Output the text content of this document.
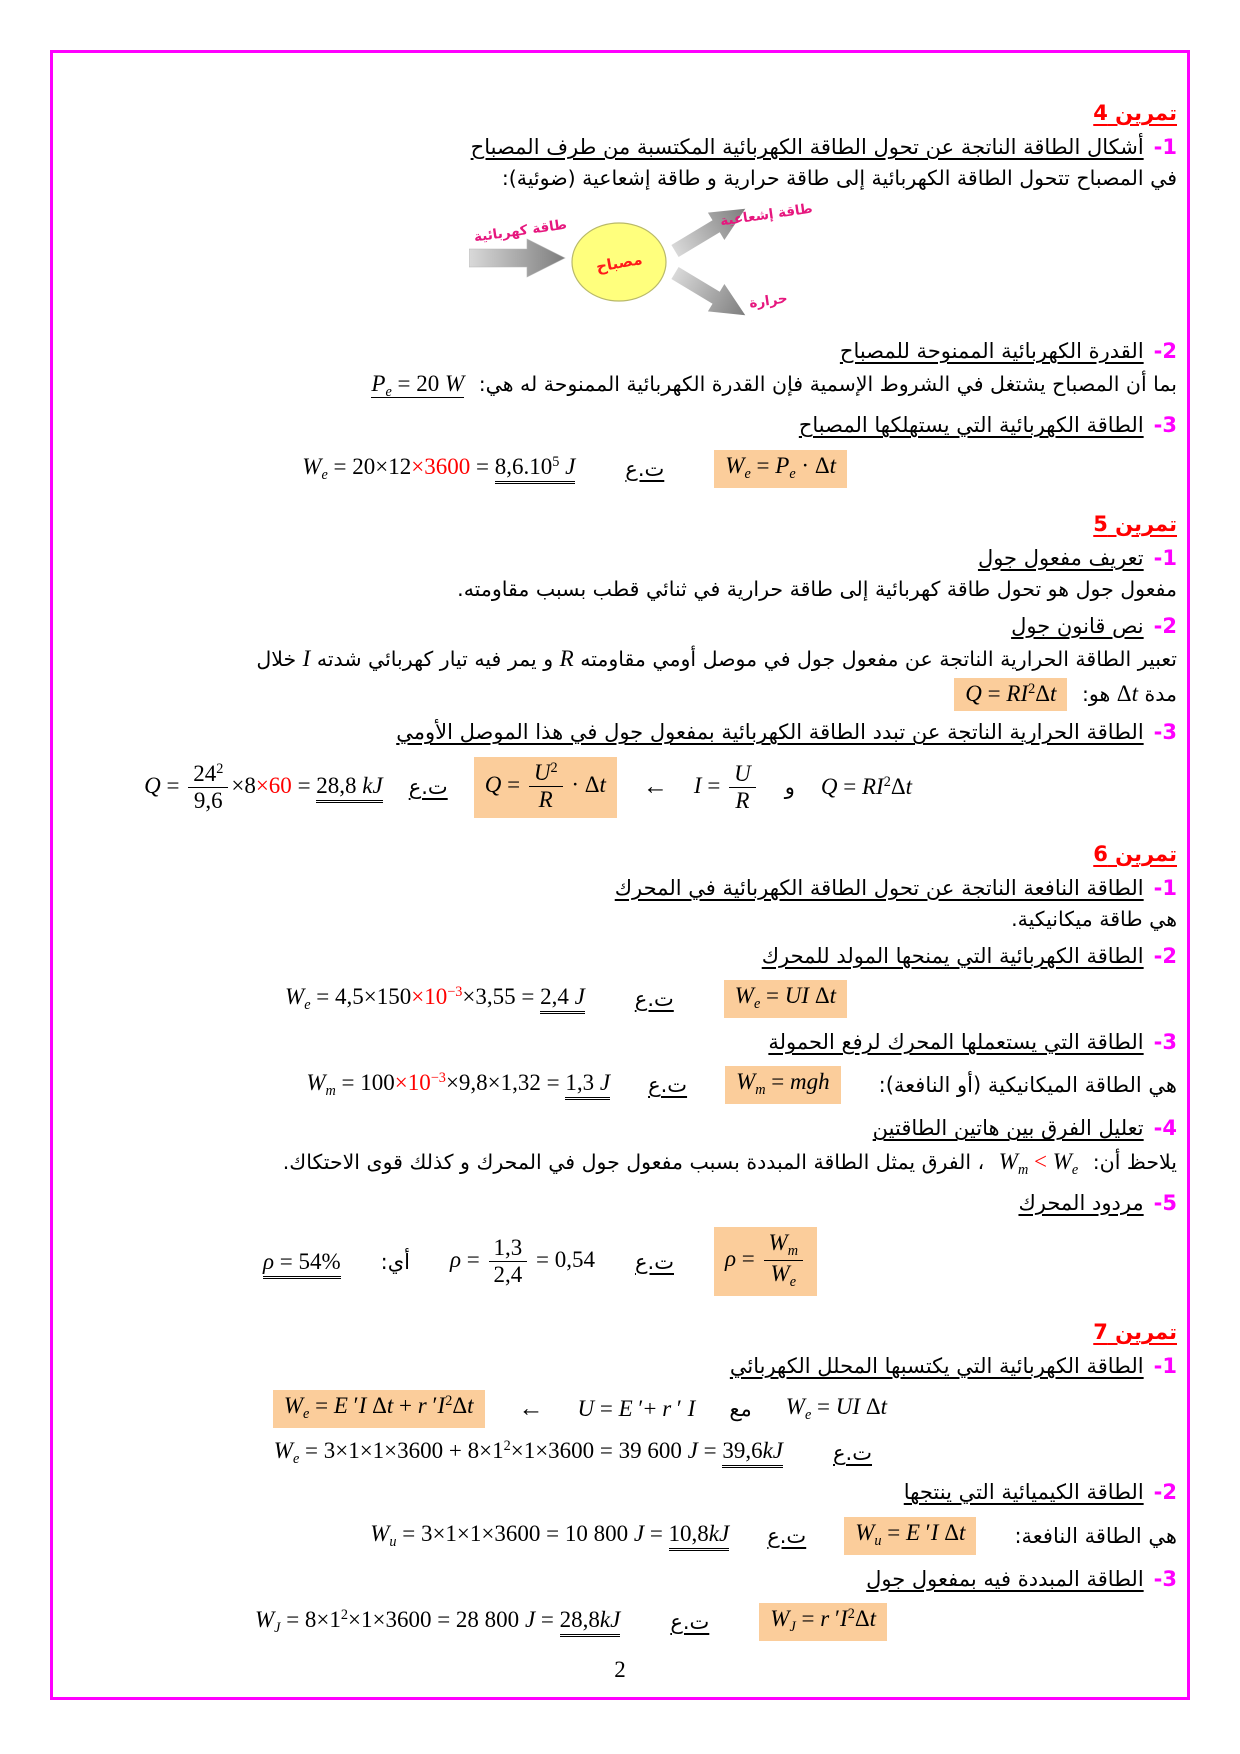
تمرين 4
1-أشكال الطاقة الناتجة عن تحول الطاقة الكهربائية المكتسبة من طرف المصباح

في المصباح تتحول الطاقة الكهربائية إلى طاقة حرارية و طاقة إشعاعية (ضوئية):

طاقة كهربائية
مصباح
طاقة إشعاعية
حرارة
2-القدرة الكهربائية الممنوحة للمصباح

بما أن المصباح يشتغل في الشروط الإسمية فإن القدرة الكهربائية الممنوحة له هي: $P_e = 20$ W

3-الطاقة الكهربائية التي يستهلكها المصباح
$W_e = P_e \cdot \Delta t$
ت.ع
$W_e = 20\times 12\times 3600 = 8,6.10^5$ J
تمرين 5
1-تعريف مفعول جول

مفعول جول هو تحول طاقة كهربائية إلى طاقة حرارية في ثنائي قطب بسبب مقاومته.

2-نص قانون جول

تعبير الطاقة الحرارية الناتجة عن مفعول جول في موصل أومي مقاومته R و يمر فيه تيار كهربائي شدته I خلال

مدة Δt هو: $Q = RI^2\Delta t$

3-الطاقة الحرارية الناتجة عن تبدد الطاقة الكهربائية بمفعول جول في هذا الموصل الأومي
$Q = RI^2\Delta t$
و
$I = \frac{U}{R}$
←
$Q = \frac{U^2}{R} \cdot \Delta t$
ت.ع
$Q = \frac{24^2}{9,6} \times 8\times 60 = 28,8$ kJ
تمرين 6
1-الطاقة النافعة الناتجة عن تحول الطاقة الكهربائية في المحرك

هي طاقة ميكانيكية.

2-الطاقة الكهربائية التي يمنحها المولد للمحرك
$W_e$ = UI Δt
ت.ع
$W_e = 4,5\times 150\times 10^{-3}\times 3,55 = 2,4$ J
3-الطاقة التي يستعملها المحرك لرفع الحمولة
هي الطاقة الميكانيكية (أو النافعة):
$W_m$ = mgh
ت.ع
$W_m = 100\times 10^{-3}\times 9,8\times 1,32 = 1,3$ J
4-تعليل الفرق بين هاتين الطاقتين

يلاحظ أن: $W_m < W_e$ ، الفرق يمثل الطاقة المبددة بسبب مفعول جول في المحرك و كذلك قوى الاحتكاك.

5-مردود المحرك
$\rho = \frac{W_m}{W_e}$
ت.ع
$\rho = \frac{1,3}{2,4} = 0,54$
أي:
ρ = 54%
تمرين 7
1-الطاقة الكهربائية التي يكتسبها المحلل الكهربائي
$W_e$ = UI Δt
مع
U = E ′+ r ′ I
←
$W_e = E$ ′I Δt + r $'I^2\Delta t$
ت.ع
$W_e = 3\times 1\times 1\times 3600 + 8\times 1^2\times 1\times 3600 = 39$ 600 J = 39,6kJ
2-الطاقة الكيميائية التي ينتجها
هي الطاقة النافعة:
$W_u = E$ ′I Δt
ت.ع
$W_u = 3\times 1\times 1\times 3600 = 10$ 800 J = 10,8kJ
3-الطاقة المبددة فيه بمفعول جول
$W_J = r$ $'I^2\Delta t$
ت.ع
$W_J = 8\times 1^2\times 1\times 3600 = 28$ 800 J = 28,8kJ
2
